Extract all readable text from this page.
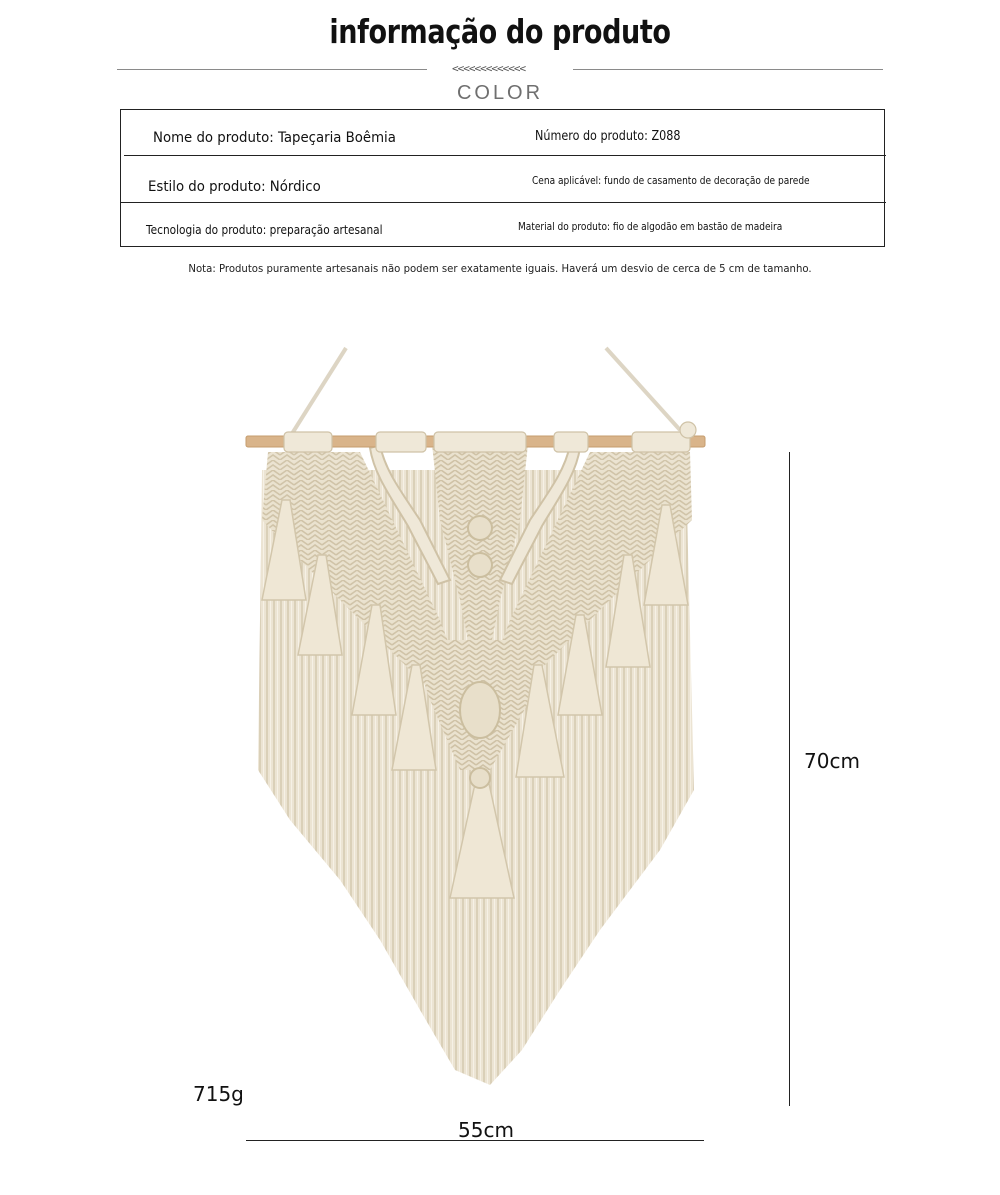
informação do produto
<<<<<<<<<<<<<
COLOR
Nome do produto: Tapeçaria Boêmia	Número do produto: Z088
Estilo do produto: Nórdico	Cena aplicável: fundo de casamento de decoração de parede
Tecnologia do produto: preparação artesanal	Material do produto: fio de algodão em bastão de madeira
Nota: Produtos puramente artesanais não podem ser exatamente iguais. Haverá um desvio de cerca de 5 cm de tamanho.
70cm
55cm
715g
